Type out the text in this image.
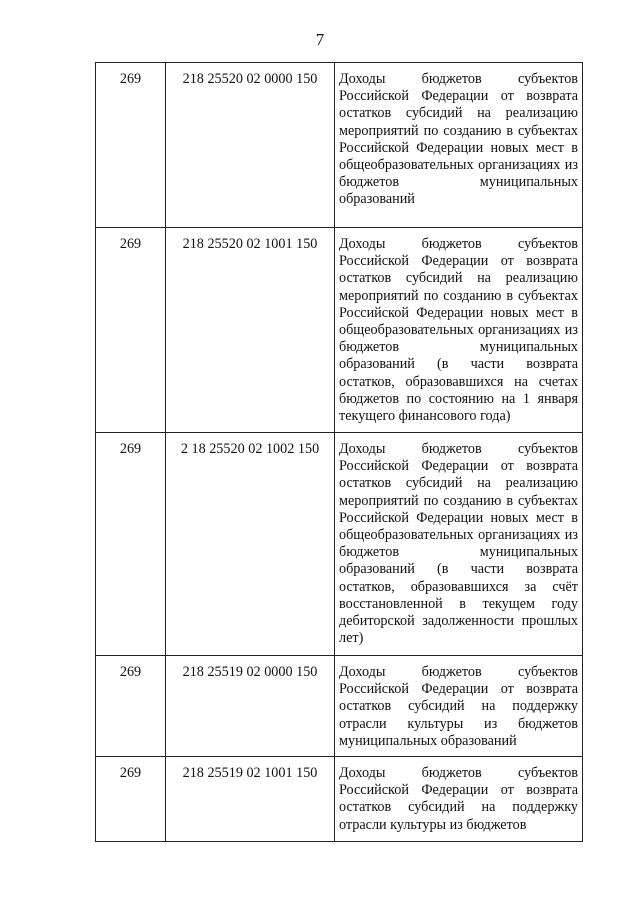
7
269	218 25520 02 0000 150	Доходы бюджетов субъектов Российской Федерации от возврата остатков субсидий на реализацию мероприятий по созданию в субъектах Российской Федерации новых мест в общеобразовательных организациях из бюджетов муниципальных образований
269	218 25520 02 1001 150	Доходы бюджетов субъектов Российской Федерации от возврата остатков субсидий на реализацию мероприятий по созданию в субъектах Российской Федерации новых мест в общеобразовательных организациях из бюджетов муниципальных образований (в части возврата остатков, образовавшихся на счетах бюджетов по состоянию на 1 января текущего финансового года)
269	2 18 25520 02 1002 150	Доходы бюджетов субъектов Российской Федерации от возврата остатков субсидий на реализацию мероприятий по созданию в субъектах Российской Федерации новых мест в общеобразовательных организациях из бюджетов муниципальных образований (в части возврата остатков, образовавшихся за счёт восстановленной в текущем году дебиторской задолженности прошлых лет)
269	218 25519 02 0000 150	Доходы бюджетов субъектов Российской Федерации от возврата остатков субсидий на поддержку отрасли культуры из бюджетов муниципальных образований
269	218 25519 02 1001 150	Доходы бюджетов субъектов Российской Федерации от возврата остатков субсидий на поддержку отрасли культуры из бюджетов
